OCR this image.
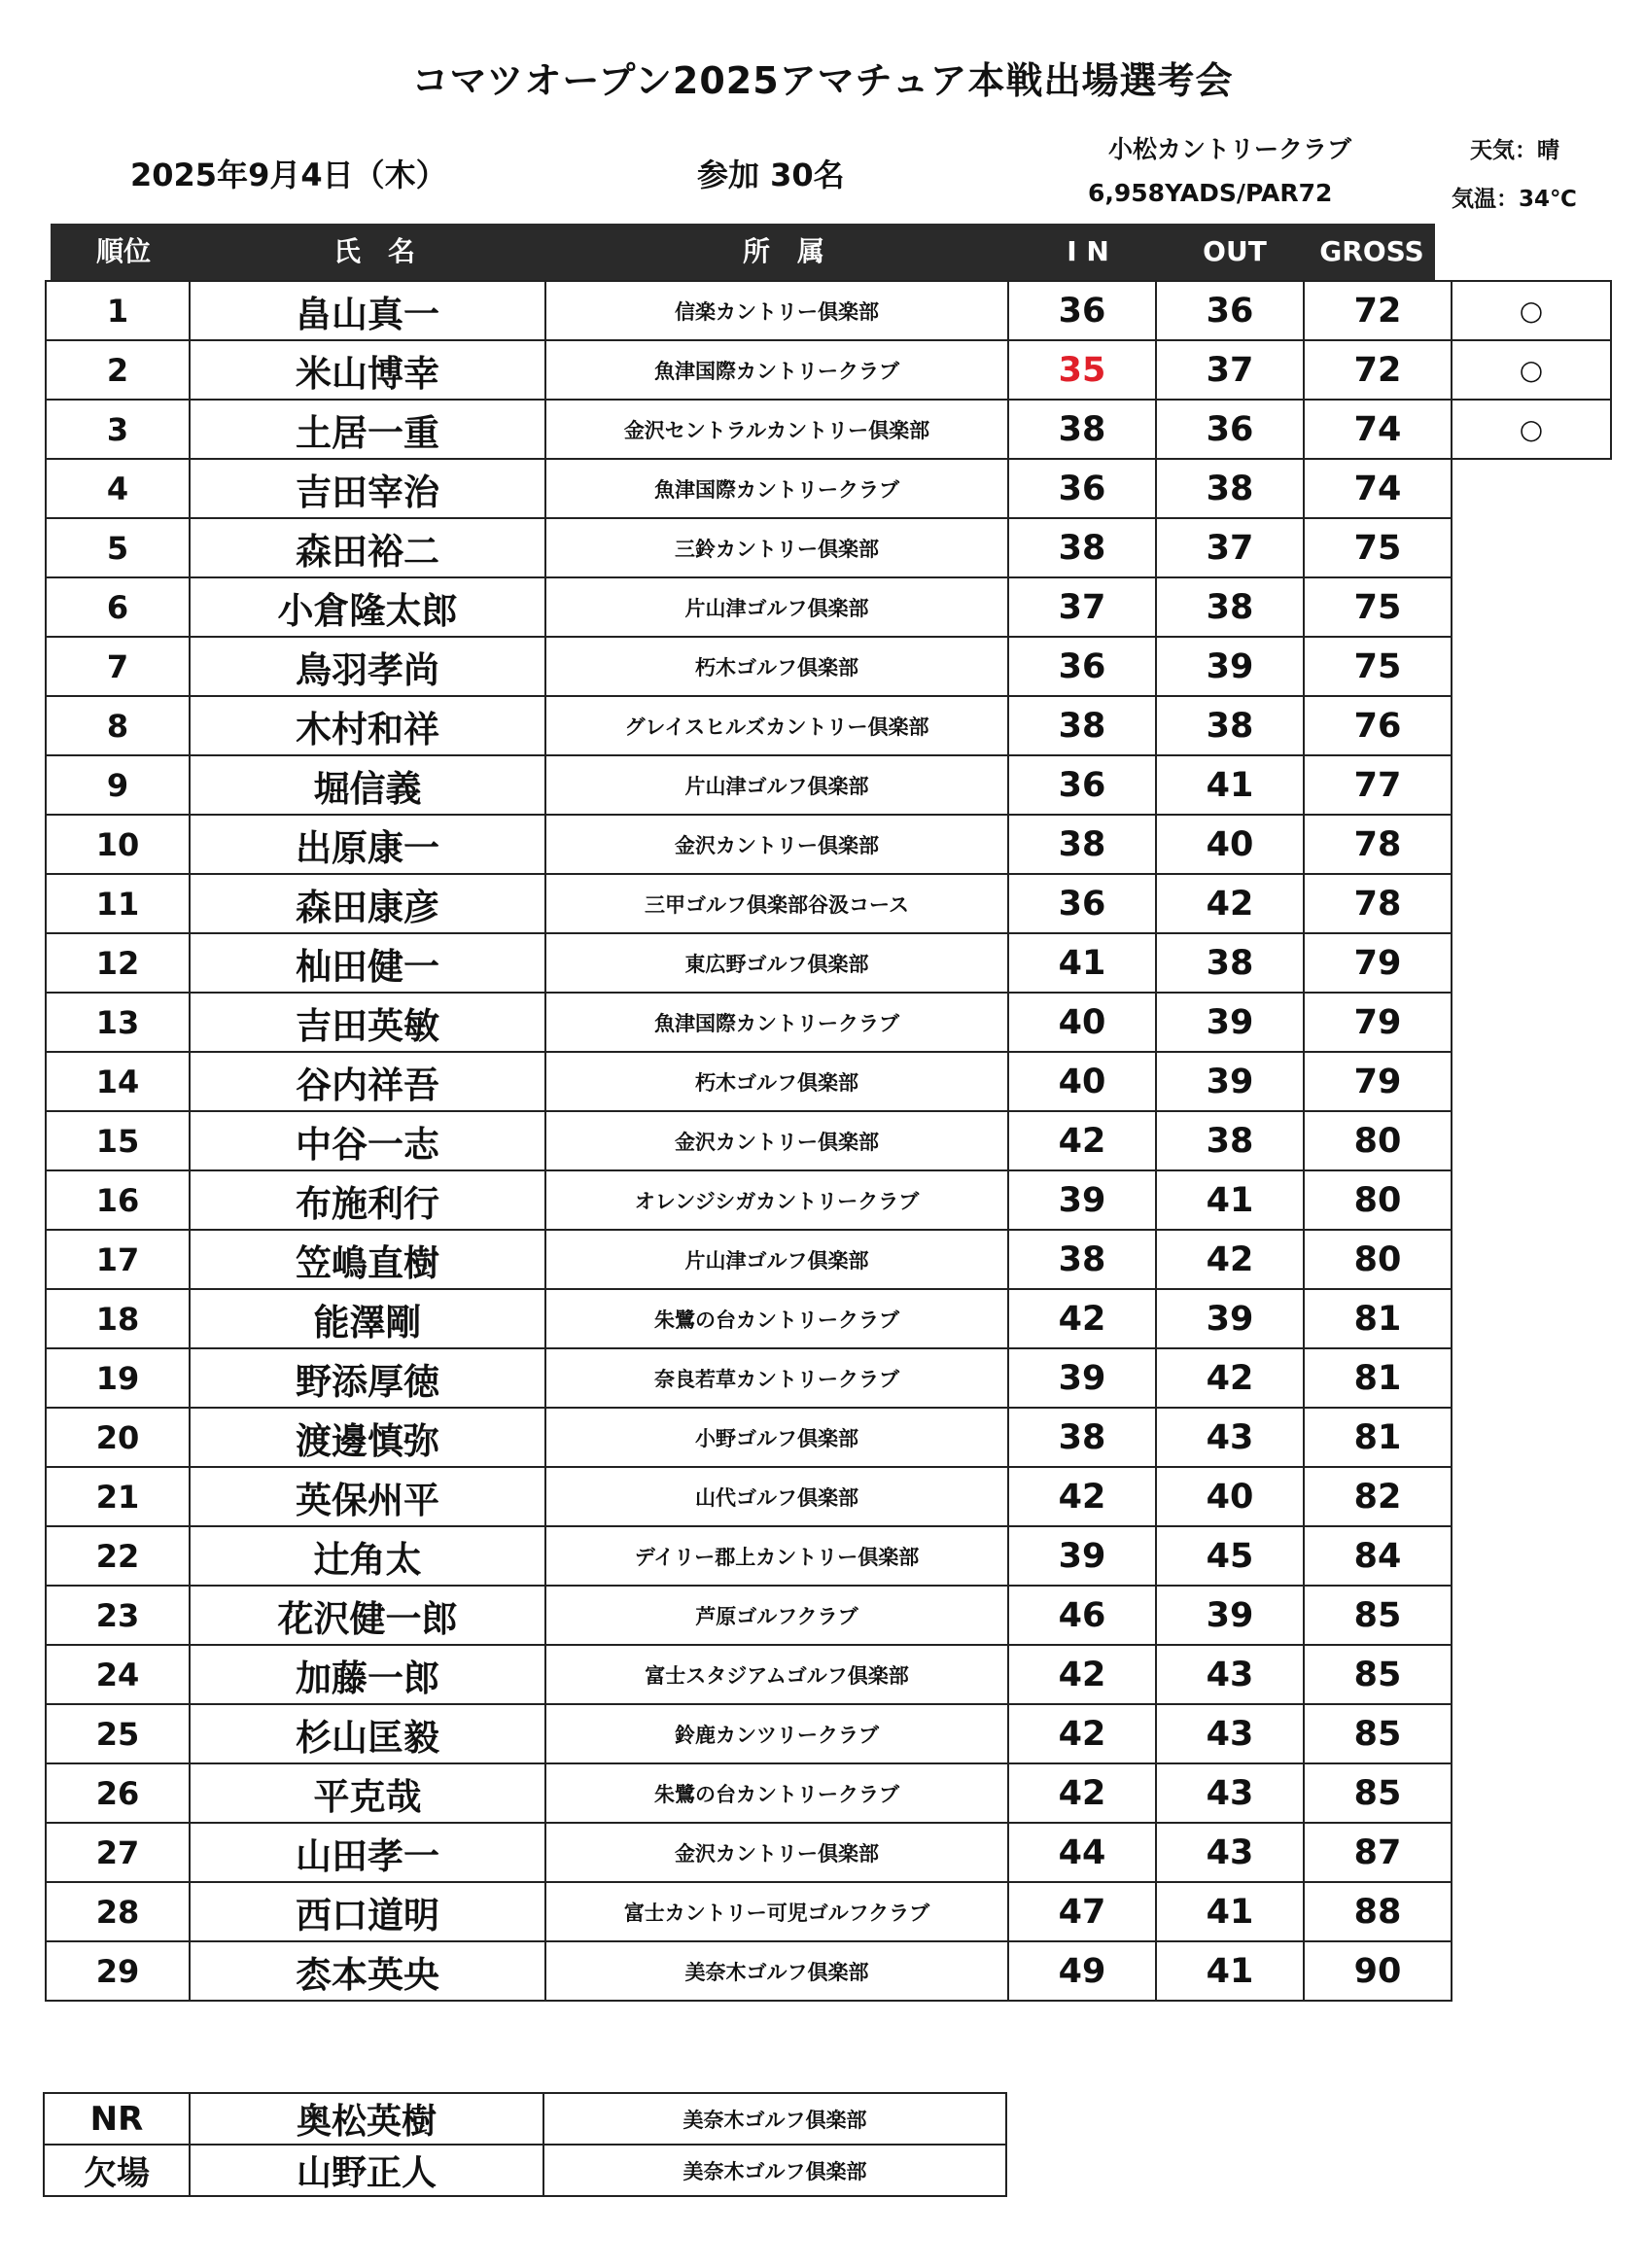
コマツオープン2025アマチュア本戦出場選考会
2025年9月4日（木）	参加 30名
小松カントリークラブ
6,958YADS/PAR72
天気：晴
気温：34℃
順位	氏　名	所　属	I N	OUT	GROSS
1	畠山真一	信楽カントリー倶楽部	36	36	72	○
2	米山博幸	魚津国際カントリークラブ	35	37	72	○
3	土居一重	金沢セントラルカントリー倶楽部	38	36	74	○
4	吉田宰治	魚津国際カントリークラブ	36	38	74	
5	森田裕二	三鈴カントリー倶楽部	38	37	75	
6	小倉隆太郎	片山津ゴルフ倶楽部	37	38	75	
7	鳥羽孝尚	朽木ゴルフ倶楽部	36	39	75	
8	木村和祥	グレイスヒルズカントリー倶楽部	38	38	76	
9	堀信義	片山津ゴルフ倶楽部	36	41	77	
10	出原康一	金沢カントリー倶楽部	38	40	78	
11	森田康彦	三甲ゴルフ倶楽部谷汲コース	36	42	78	
12	杣田健一	東広野ゴルフ倶楽部	41	38	79	
13	吉田英敏	魚津国際カントリークラブ	40	39	79	
14	谷内祥吾	朽木ゴルフ倶楽部	40	39	79	
15	中谷一志	金沢カントリー倶楽部	42	38	80	
16	布施利行	オレンジシガカントリークラブ	39	41	80	
17	笠嶋直樹	片山津ゴルフ倶楽部	38	42	80	
18	能澤剛	朱鷺の台カントリークラブ	42	39	81	
19	野添厚徳	奈良若草カントリークラブ	39	42	81	
20	渡邊慎弥	小野ゴルフ倶楽部	38	43	81	
21	英保州平	山代ゴルフ倶楽部	42	40	82	
22	辻角太	デイリー郡上カントリー倶楽部	39	45	84	
23	花沢健一郎	芦原ゴルフクラブ	46	39	85	
24	加藤一郎	富士スタジアムゴルフ倶楽部	42	43	85	
25	杉山匡毅	鈴鹿カンツリークラブ	42	43	85	
26	平克哉	朱鷺の台カントリークラブ	42	43	85	
27	山田孝一	金沢カントリー倶楽部	44	43	87	
28	西口道明	富士カントリー可児ゴルフクラブ	47	41	88	
29	枩本英央	美奈木ゴルフ倶楽部	49	41	90	
NR	奥松英樹	美奈木ゴルフ倶楽部
欠場	山野正人	美奈木ゴルフ倶楽部
